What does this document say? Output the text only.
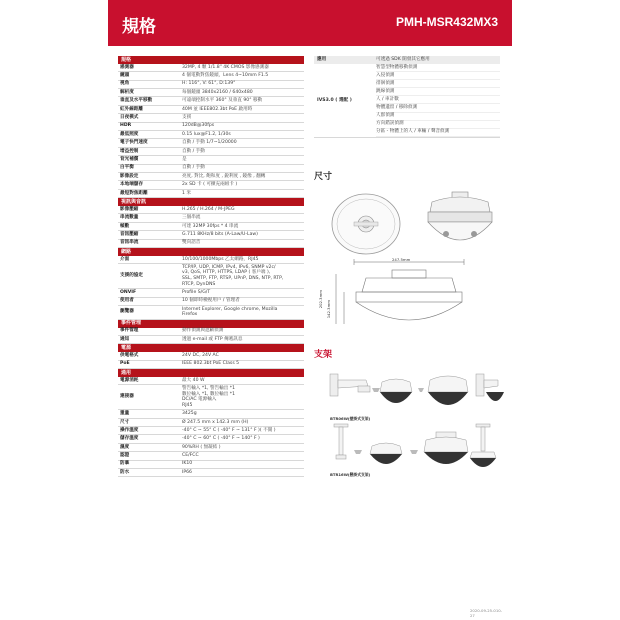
規格	PMH-MSR432MX3
規格
感測器	32MP, 4 顆 1/1.8" 4K CMOS 影像感測器
鏡頭	4 個電動對焦鏡頭，Lens 4~10mm F1.5
視角	H: 116°, V: 61°, D:139°
解析度	每個鏡頭 3840x2160 / 640x480
垂直及水平移動	可遠端控制水平 360° 及垂直 90° 移動
紅外線距離	40M 並 IEEE802.3bt PoE 啟用時
日夜模式	支援
HDR	120dB@30fps
最低照度	0.15 lux@F1.2, 1/30s
電子快門速度	自動 / 手動 1/7~1/20000
增益控制	自動 / 手動
背光補償	是
白平衡	自動 / 手動
影像設定	亮度, 對比, 飽和度 , 銳利度 , 鏡像 , 翻轉
本地端儲存	2x SD 卡 ( 可擴充兩組卡 )
最短對焦距離	1 米
視訊與音訊
影像壓縮	H.265 / H.264 / M-JPEG
串流數量	三個串流
幀數	可達 32MP 30fps * 4 串流
音訊壓縮	G.711 8KHz/8 bits (A-Law/U-Law)
音訊串流	雙向語音
網路
介面	10/100/1000Mbps 乙太網路，RJ45
支援的協定
TCP/IP, UDP, ICMP, IPv4, IPv6, SNMP v2c/
v3, QoS, HTTP, HTTPS, LDAP ( 客戶端 ),
SSL, SMTP, FTP, RTSP, UPnP, DNS, NTP, RTP,
RTCP, DynDNS
ONVIF	Profile S/G/T
使用者	10 個即時檢視用戶 / 管理者
瀏覽器
Internet Explorer, Google chrome, Mozilla
Firefox
事件管理
事件管理	動作偵測與遮斷偵測
通知	透過 e-mail 或 FTP 傳遞訊息
電源
供電格式	24V DC, 24V AC
PoE	IEEE 802.3bt PoE Class 5
通用
電源消耗	最大 40 W
連接器
警告輸入 *1, 警告輸出 *1
數位輸入 *1, 數位輸出 *1
DC/AC 電源輸入
RJ45
重量	3425g
尺寸	Ø 247.5 mm x 142.3 mm (H)
操作溫度	-40° C ~ 55° C ( -40° F ~ 131° F )( 不開 )
儲存溫度	-40° C ~ 60° C ( -40° F ~ 140° F )
濕度	90%RH ( 無凝結 )
認證	CE/FCC
防暴	IK10
防水	IP66
應用	可透過 SDK 開發其它應用
IVS3.0 ( 選配 )
智慧型物體移動偵測
入侵偵測
徘徊偵測
跳線偵測
人 / 車計數
物體遺留 / 移除偵測
人群偵測
方向錯誤偵測
分區 - 物體上的人 / 車輛 / 聲音偵測
尺寸
247.5mm
202.3mm
142.3mm
支架
BTR06W(壁掛式支架)
BTR16W(懸掛式支架)
2020-09-25-010-
27
